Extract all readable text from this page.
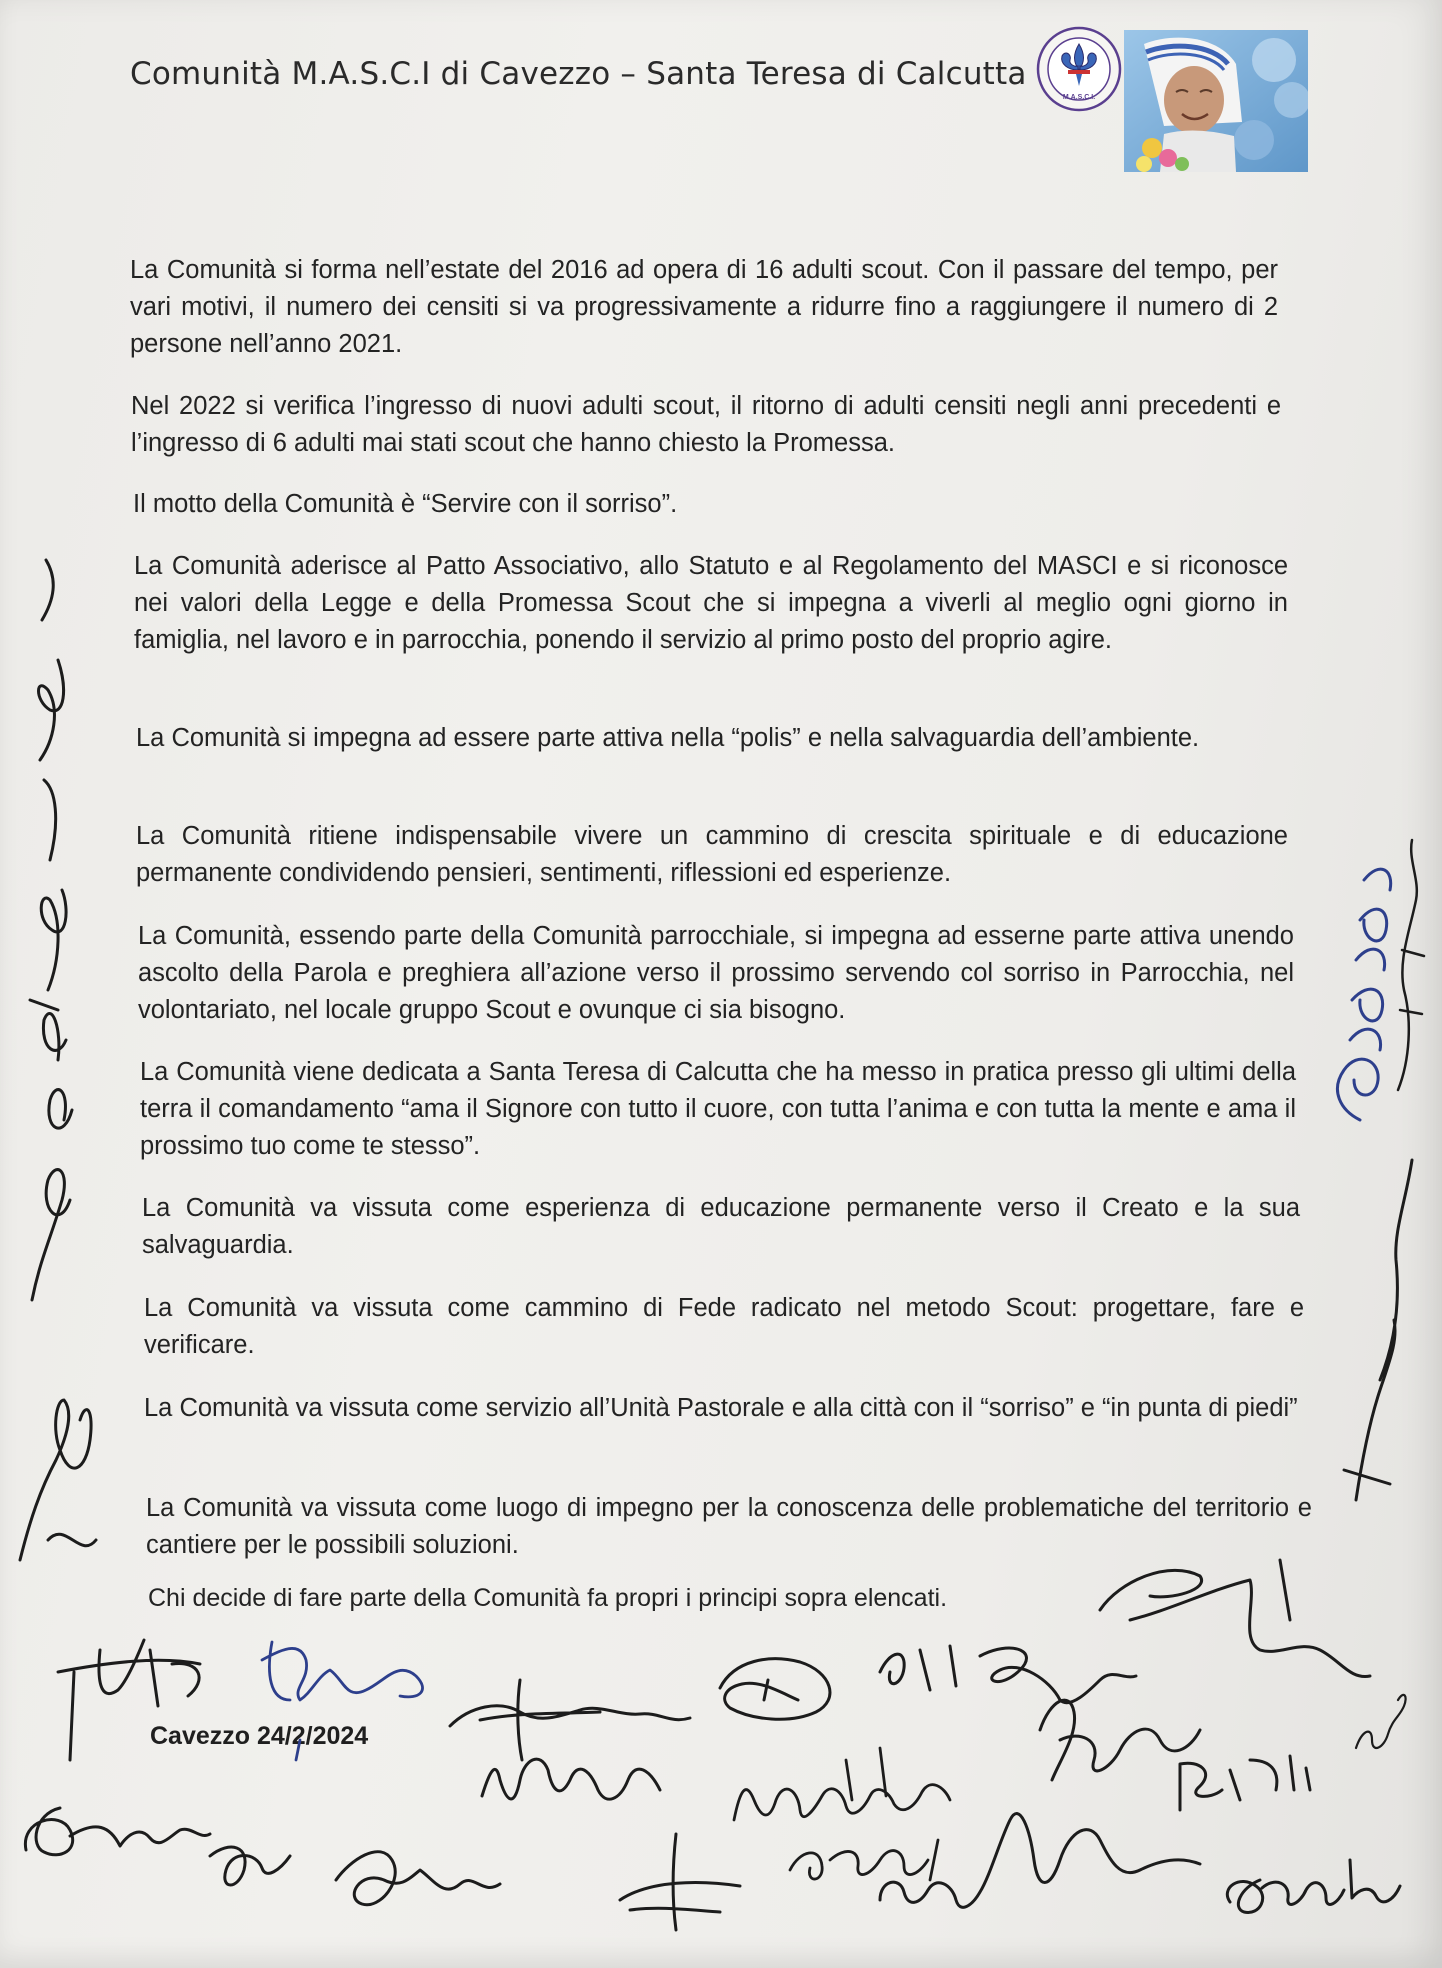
Comunità M.A.S.C.I di Cavezzo – Santa Teresa di Calcutta
M.A.S.C.I.
La Comunità si forma nell’estate del 2016 ad opera di 16 adulti scout. Con il passare del tempo, per vari motivi, il numero dei censiti si va progressivamente a ridurre fino a raggiungere il numero di 2 persone nell’anno 2021.
Nel 2022 si verifica l’ingresso di nuovi adulti scout, il ritorno di adulti censiti negli anni precedenti e l’ingresso di 6 adulti mai stati scout che hanno chiesto la Promessa.
Il motto della Comunità è “Servire con il sorriso”.
La Comunità aderisce al Patto Associativo, allo Statuto e al Regolamento del MASCI e si riconosce nei valori della Legge e della Promessa Scout che si impegna a viverli al meglio ogni giorno in famiglia, nel lavoro e in parrocchia, ponendo il servizio al primo posto del proprio agire.
La Comunità si impegna ad essere parte attiva nella “polis” e nella salvaguardia dell’ambiente.
La Comunità ritiene indispensabile vivere un cammino di crescita spirituale e di educazione permanente condividendo pensieri, sentimenti, riflessioni ed esperienze.
La Comunità, essendo parte della Comunità parrocchiale, si impegna ad esserne parte attiva unendo ascolto della Parola e preghiera all’azione verso il prossimo servendo col sorriso in Parrocchia, nel volontariato, nel locale gruppo Scout e ovunque ci sia bisogno.
La Comunità viene dedicata a Santa Teresa di Calcutta che ha messo in pratica presso gli ultimi della terra il comandamento “ama il Signore con tutto il cuore, con tutta l’anima e con tutta la mente e ama il prossimo tuo come te stesso”.
La Comunità va vissuta come esperienza di educazione permanente verso il Creato e la sua salvaguardia.
La Comunità va vissuta come cammino di Fede radicato nel metodo Scout: progettare, fare e verificare.
La Comunità va vissuta come servizio all’Unità Pastorale e alla città con il “sorriso” e “in punta di piedi”
La Comunità va vissuta come luogo di impegno per la conoscenza delle problematiche del territorio e cantiere per le possibili soluzioni.
Chi decide di fare parte della Comunità fa propri i principi sopra elencati.
Cavezzo 24/2/2024
